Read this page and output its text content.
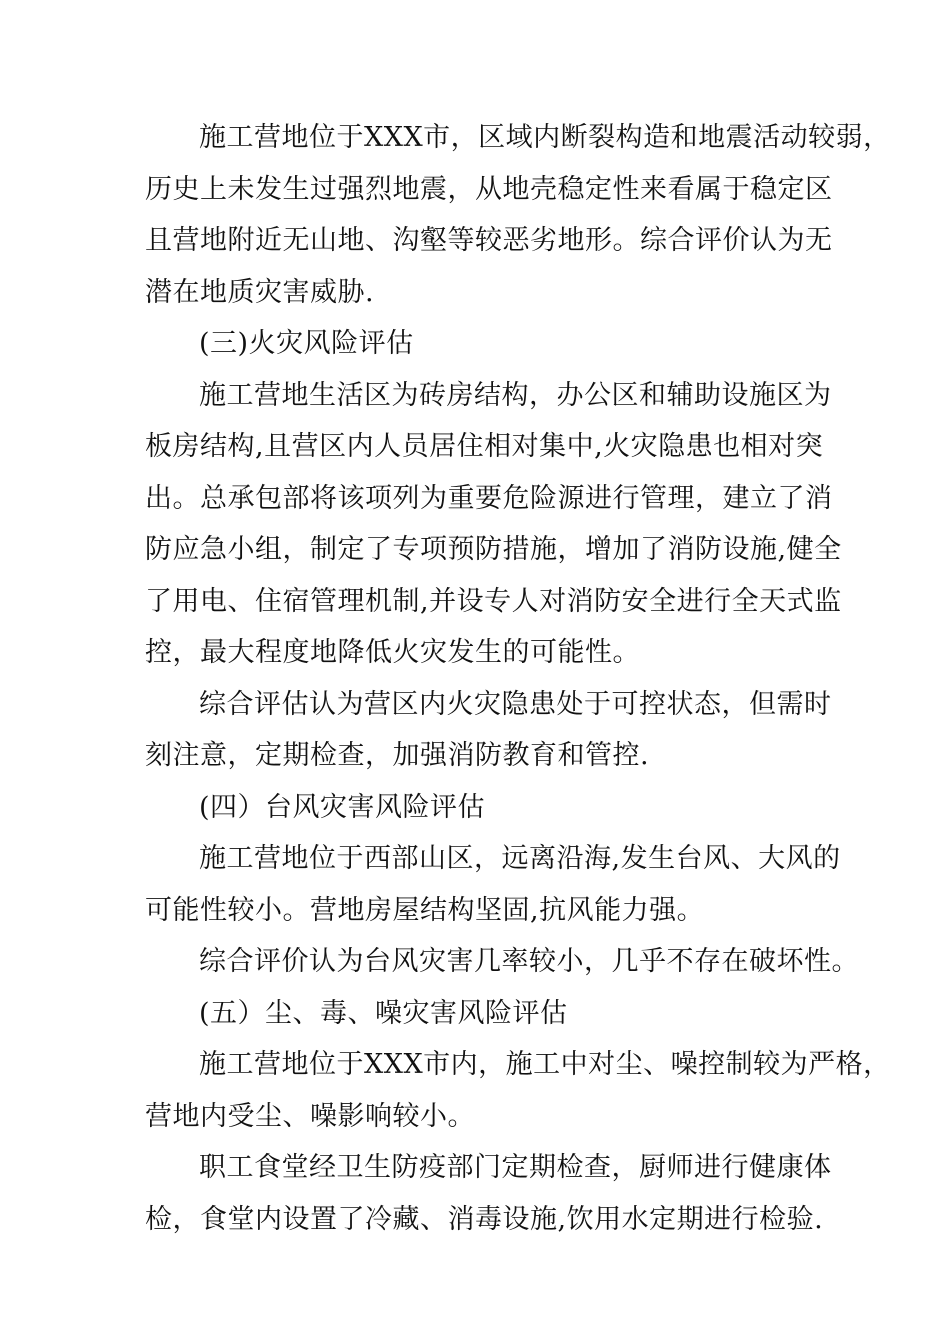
施工营地位于XXX市，区域内断裂构造和地震活动较弱，
历史上未发生过强烈地震，从地壳稳定性来看属于稳定区
且营地附近无山地、沟壑等较恶劣地形。综合评价认为无
潜在地质灾害威胁.
(三)火灾风险评估
施工营地生活区为砖房结构，办公区和辅助设施区为
板房结构,且营区内人员居住相对集中,火灾隐患也相对突
出。总承包部将该项列为重要危险源进行管理，建立了消
防应急小组，制定了专项预防措施，增加了消防设施,健全
了用电、住宿管理机制,并设专人对消防安全进行全天式监
控，最大程度地降低火灾发生的可能性。
综合评估认为营区内火灾隐患处于可控状态，但需时
刻注意，定期检查，加强消防教育和管控.
(四）台风灾害风险评估
施工营地位于西部山区，远离沿海,发生台风、大风的
可能性较小。营地房屋结构坚固,抗风能力强。
综合评价认为台风灾害几率较小，几乎不存在破坏性。
(五）尘、毒、噪灾害风险评估
施工营地位于XXX市内，施工中对尘、噪控制较为严格，
营地内受尘、噪影响较小。
职工食堂经卫生防疫部门定期检查，厨师进行健康体
检，食堂内设置了冷藏、消毒设施,饮用水定期进行检验.
